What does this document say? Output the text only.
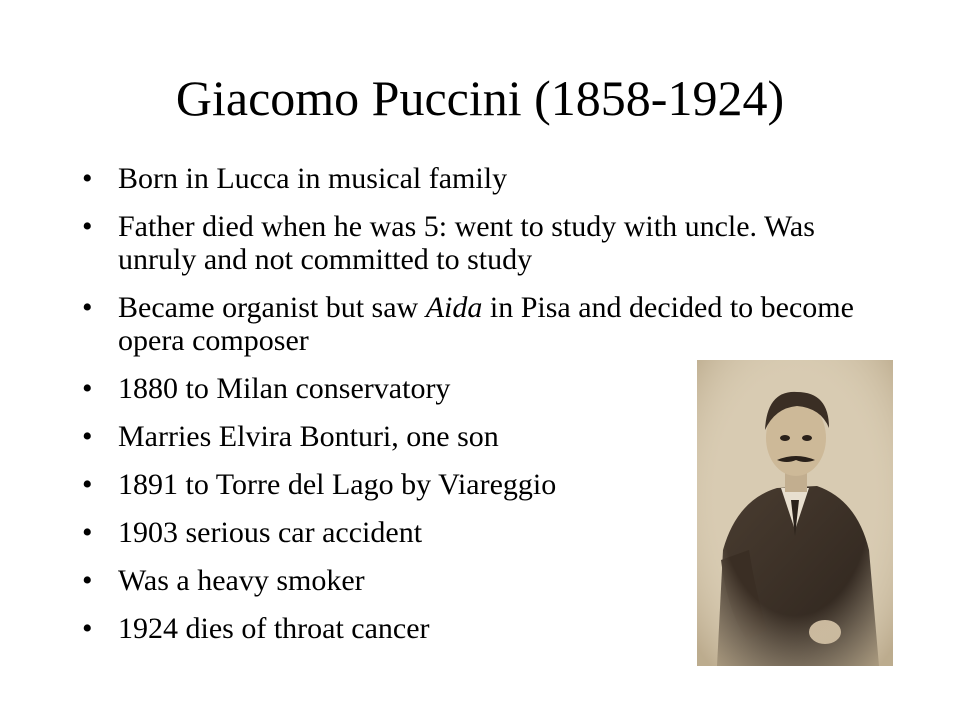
Giacomo Puccini (1858-1924)
• Born in Lucca in musical family
• Father died when he was 5: went to study with uncle. Was unruly and not committed to study
• Became organist but saw Aida in Pisa and decided to become opera composer
• 1880 to Milan conservatory
• Marries Elvira Bonturi, one son
• 1891 to Torre del Lago by Viareggio
• 1903 serious car accident
• Was a heavy smoker
• 1924 dies of throat cancer
